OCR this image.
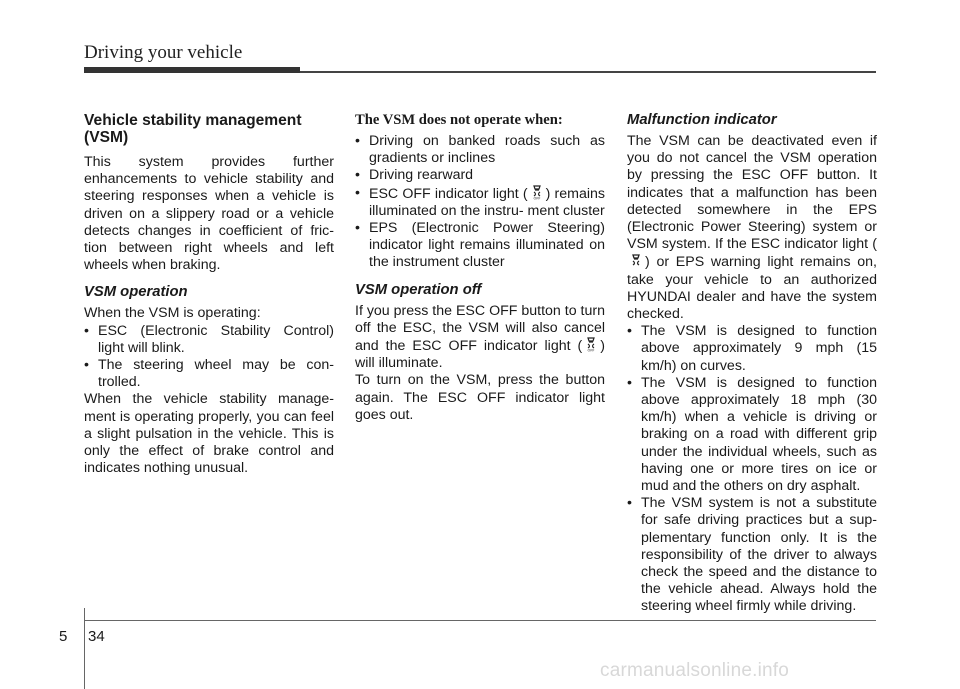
Driving your vehicle
Vehicle stability management (VSM)

This system provides further enhancements to vehicle stability and steering responses when a vehicle is driven on a slippery road or a vehicle detects changes in coefficient of fric- tion between right wheels and left wheels when braking.

VSM operation

When the VSM is operating:

• ESC (Electronic Stability Control) light will blink.
• The steering wheel may be con- trolled.

When the vehicle stability manage- ment is operating properly, you can feel a slight pulsation in the vehicle. This is only the effect of brake control and indicates nothing unusual.

The VSM does not operate when:
• Driving on banked roads such as gradients or inclines
• Driving rearward
• ESC OFF indicator light ( OFF ) remains illuminated on the instru- ment cluster
• EPS (Electronic Power Steering) indicator light remains illuminated on the instrument cluster
VSM operation off

If you press the ESC OFF button to turn off the ESC, the VSM will also cancel and the ESC OFF indicator light ( OFF ) will illuminate.

To turn on the VSM, press the button again. The ESC OFF indicator light goes out.

Malfunction indicator

The VSM can be deactivated even if you do not cancel the VSM operation by pressing the ESC OFF button. It indicates that a malfunction has been detected somewhere in the EPS (Electronic Power Steering) system or VSM system. If the ESC indicator light () or EPS warning light remains on, take your vehicle to an authorized HYUNDAI dealer and have the system checked.

• The VSM is designed to function above approximately 9 mph (15 km/h) on curves.
• The VSM is designed to function above approximately 18 mph (30 km/h) when a vehicle is driving or braking on a road with different grip under the individual wheels, such as having one or more tires on ice or mud and the others on dry asphalt.
• The VSM system is not a substitute for safe driving practices but a sup- plementary function only. It is the responsibility of the driver to always check the speed and the distance to the vehicle ahead. Always hold the steering wheel firmly while driving.
5 34
carmanualsonline.info
